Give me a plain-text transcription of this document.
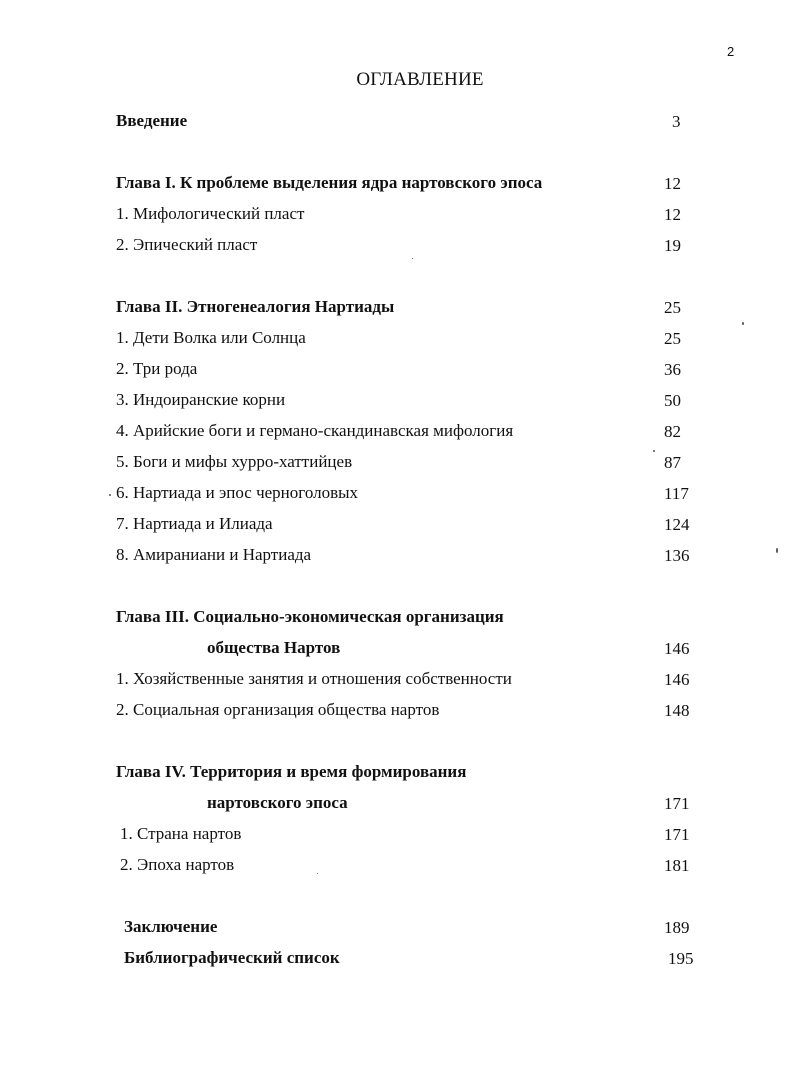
2
ОГЛАВЛЕНИЕ
Введение	3
Глава I. К проблеме выделения ядра нартовского эпоса	12
1. Мифологический пласт	12
2. Эпический пласт	19
Глава II. Этногенеалогия Нартиады	25
1. Дети Волка или Солнца	25
2. Три рода	36
3. Индоиранские корни	50
4. Арийские боги и германо-скандинавская мифология	82
5. Боги и мифы хурро-хаттийцев	87
6. Нартиада и эпос черноголовых	117
7. Нартиада и Илиада	124
8. Амираниани и Нартиада	136
Глава III. Социально-экономическая организация
общества Нартов	146
1. Хозяйственные занятия и отношения собственности	146
2. Социальная организация общества нартов	148
Глава IV. Территория и время формирования
нартовского эпоса	171
1. Страна нартов	171
2. Эпоха нартов	181
Заключение	189
Библиографический список	195
